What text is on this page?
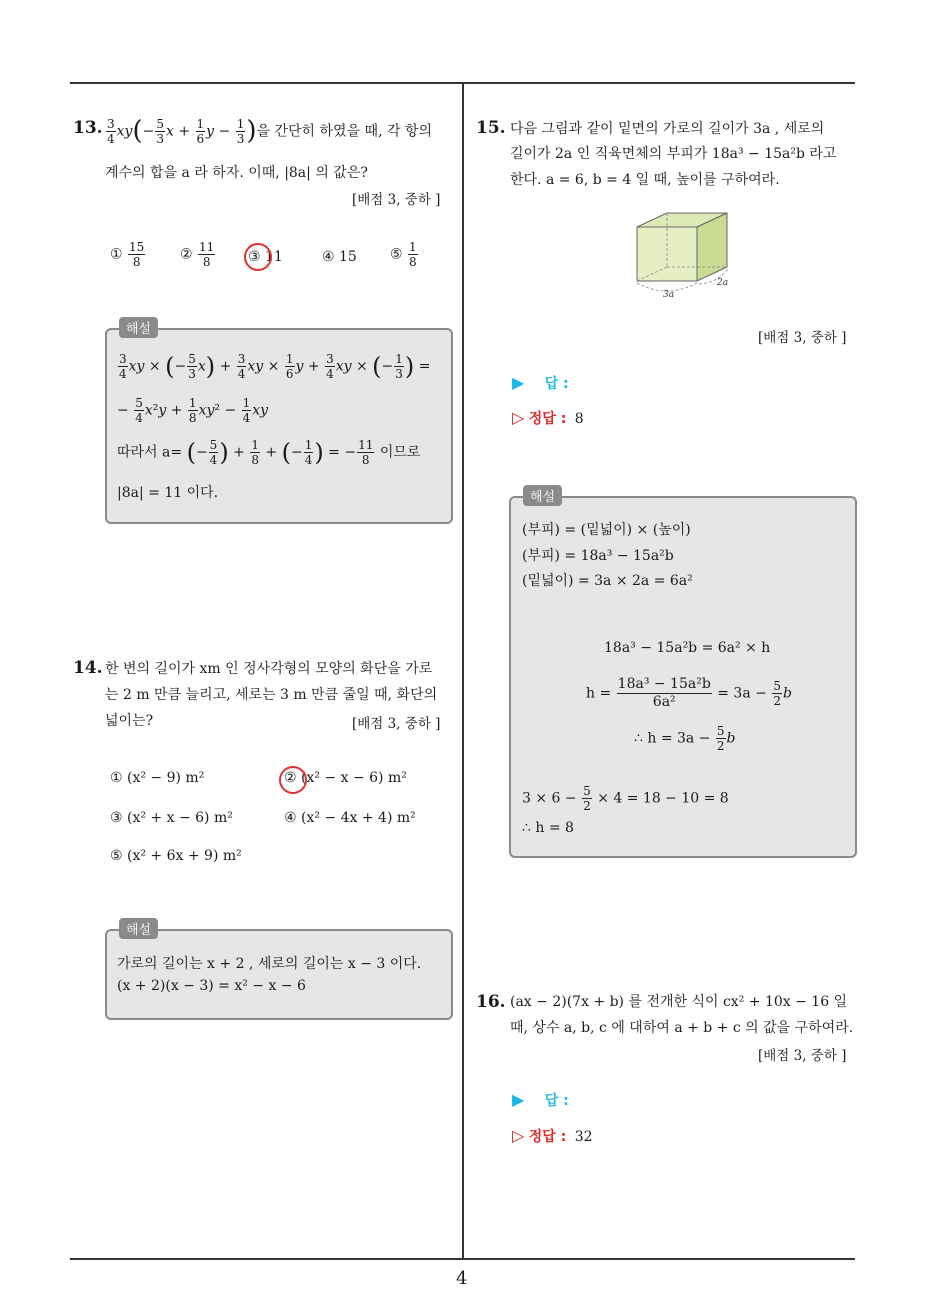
4
13. $\frac{3}{4} xy(- \frac{5}{3}$ $x + \frac{1}{6}$ $y - \frac{1}{3}$ )을 간단히 하였을 때, 각 항의
계수의 합을 a 라 하자. 이때, |8a| 의 값은?
[배점 3, 중하 ]
① $\frac{15}{8}$ ② $\frac{11}{8}$ ③ 11	④ 15 ⑤ $\frac{1}{8}$
해설
$\frac{3}{4}$ xy × (− $\frac{5}{3} x) + \frac{3}{4}$ xy × $\frac{1}{6}$ $y + \frac{3}{4}$ xy × (− $\frac{1}{3}$ ) =
− $\frac{5}{4} x^2y + \frac{1}{8} xy^2 - \frac{1}{4}$ xy
따라서 a= (− $\frac{5}{4}$ ) + $\frac{1}{8}$ + (− $\frac{1}{4}$ ) = − $\frac{11}{8}$ 이므로
|8a| = 11 이다.
14. 한 변의 길이가 xm 인 정사각형의 모양의 화단을 가로
는 2 m 만큼 늘리고, 세로는 3 m 만큼 줄일 때, 화단의
넓이는?	[배점 3, 중하 ]
① (x² − 9) m²	② (x² − x − 6) m²
③ (x² + x − 6) m²	④ (x² − 4x + 4) m²
⑤ (x² + 6x + 9) m²
해설
가로의 길이는 x + 2 , 세로의 길이는 x − 3 이다.
(x + 2)(x − 3) = x² − x − 6
15. 다음 그림과 같이 밑면의 가로의 길이가 3a , 세로의
길이가 2a 인 직육면체의 부피가 18a³ − 15a²b 라고
한다. a = 6, b = 4 일 때, 높이를 구하여라.
3a
2a
[배점 3, 중하 ]
▶ 답 :
▷ 정답 : 8
해설
(부피) = (밑넓이) × (높이)
(부피) = 18a³ − 15a²b
(밑넓이) = 3a × 2a = 6a²
18a³ − 15a²b = 6a² × h
$h = \frac{\text{18a³ − 15a²b}}{\text{6a²}} = 3a - \frac{5}{2}$ b
∴ $h = 3a - \frac{5}{2}$ b
$3 \times 6 - \frac{5}{2} \times 4 = 18 - 10 = 8$
∴ h = 8
16. (ax − 2)(7x + b) 를 전개한 식이 cx² + 10x − 16 일
때, 상수 a, b, c 에 대하여 a + b + c 의 값을 구하여라.
[배점 3, 중하 ]
▶ 답 :
▷ 정답 : 32
